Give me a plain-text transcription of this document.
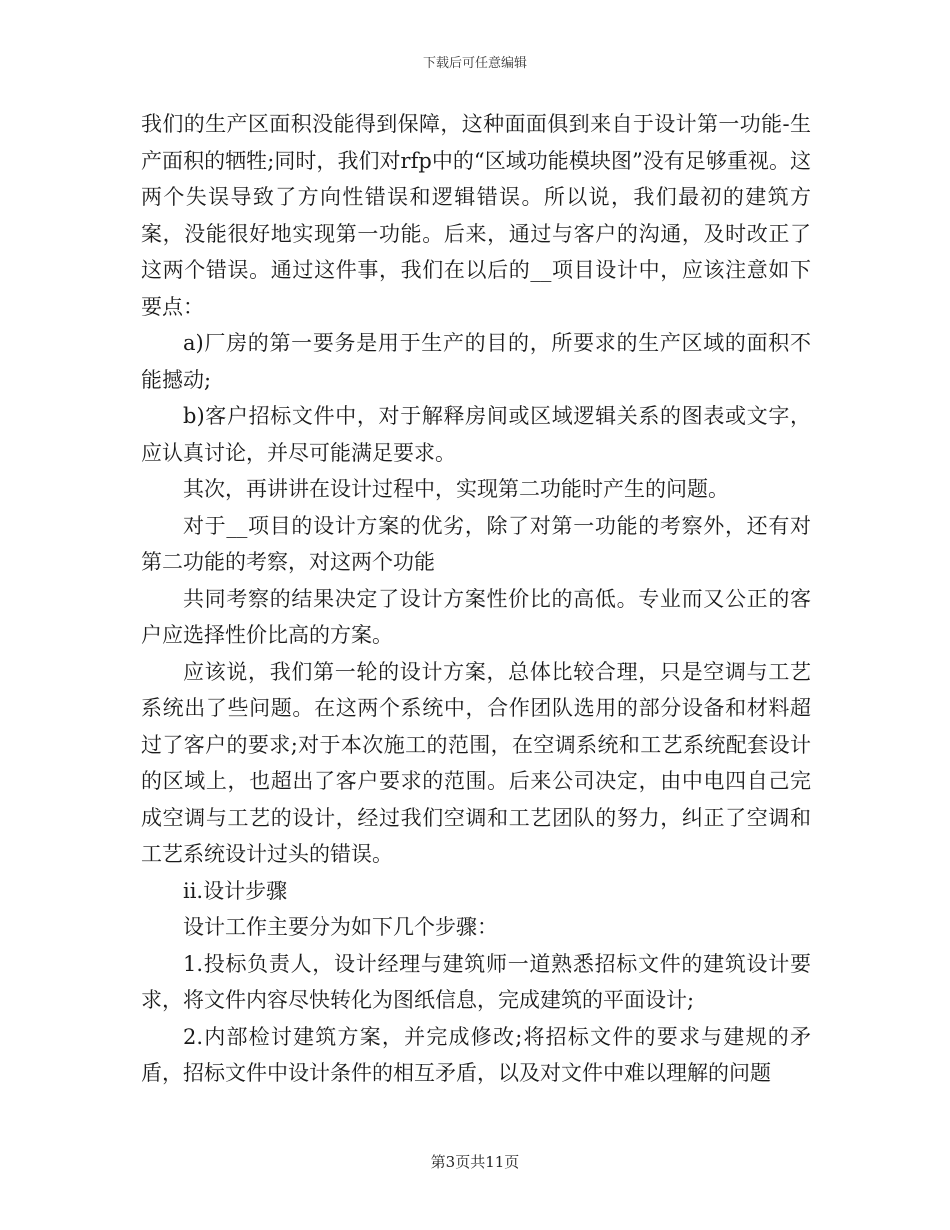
下载后可任意编辑

我们的生产区面积没能得到保障，这种面面俱到来自于设计第一功能-生产面积的牺牲;同时，我们对rfp中的“区域功能模块图”没有足够重视。这两个失误导致了方向性错误和逻辑错误。所以说，我们最初的建筑方案，没能很好地实现第一功能。后来，通过与客户的沟通，及时改正了这两个错误。通过这件事，我们在以后的__项目设计中，应该注意如下要点：

a)厂房的第一要务是用于生产的目的，所要求的生产区域的面积不能撼动;

b)客户招标文件中，对于解释房间或区域逻辑关系的图表或文字，应认真讨论，并尽可能满足要求。

其次，再讲讲在设计过程中，实现第二功能时产生的问题。

对于__项目的设计方案的优劣，除了对第一功能的考察外，还有对第二功能的考察，对这两个功能

共同考察的结果决定了设计方案性价比的高低。专业而又公正的客户应选择性价比高的方案。

应该说，我们第一轮的设计方案，总体比较合理，只是空调与工艺系统出了些问题。在这两个系统中，合作团队选用的部分设备和材料超过了客户的要求;对于本次施工的范围，在空调系统和工艺系统配套设计的区域上，也超出了客户要求的范围。后来公司决定，由中电四自己完成空调与工艺的设计，经过我们空调和工艺团队的努力，纠正了空调和工艺系统设计过头的错误。

ii.设计步骤

设计工作主要分为如下几个步骤：

1.投标负责人，设计经理与建筑师一道熟悉招标文件的建筑设计要求，将文件内容尽快转化为图纸信息，完成建筑的平面设计;

2.内部检讨建筑方案，并完成修改;将招标文件的要求与建规的矛盾，招标文件中设计条件的相互矛盾，以及对文件中难以理解的问题

第3页共11页
